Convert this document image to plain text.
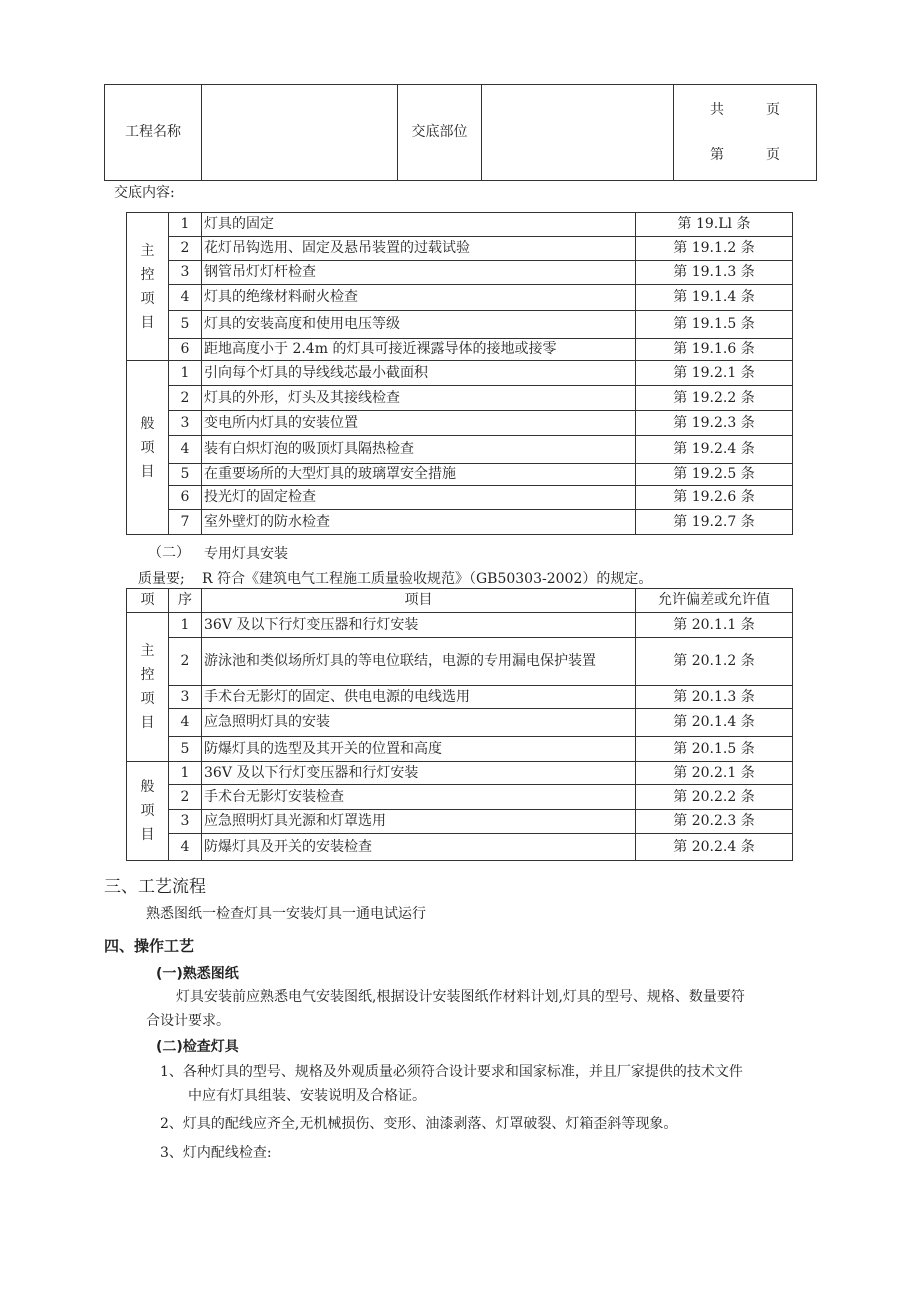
工程名称		交底部位		
共　　　页
第　　　页
交底内容:
主
控
项
目	1	灯具的固定	第 19.Ll 条
	2	花灯吊钩选用、固定及悬吊装置的过载试验	第 19.1.2 条
	3	钢管吊灯灯杆检查	第 19.1.3 条
	4	灯具的绝缘材料耐火检查	第 19.1.4 条
	5	灯具的安装高度和使用电压等级	第 19.1.5 条
	6	距地高度小于 2.4m 的灯具可接近裸露导体的接地或接零	第 19.1.6 条

般
项
目	1	引向每个灯具的导线线芯最小截面积	第 19.2.1 条
	2	灯具的外形，灯头及其接线检查	第 19.2.2 条
	3	变电所内灯具的安装位置	第 19.2.3 条
	4	装有白炽灯泡的吸顶灯具隔热检查	第 19.2.4 条
	5	在重要场所的大型灯具的玻璃罩安全措施	第 19.2.5 条
	6	投光灯的固定检查	第 19.2.6 条
	7	室外壁灯的防水检查	第 19.2.7 条
（二） 专用灯具安装
质量要; R 符合《建筑电气工程施工质量验收规范》（GB50303-2002）的规定。
项	序	项目	允许偏差或允许值

主
控
项
目	1	36V 及以下行灯变压器和行灯安装	第 20.1.1 条
	2	游泳池和类似场所灯具的等电位联结，电源的专用漏电保护装置	第 20.1.2 条
	3	手术台无影灯的固定、供电电源的电线选用	第 20.1.3 条
	4	应急照明灯具的安装	第 20.1.4 条
	5	防爆灯具的选型及其开关的位置和高度	第 20.1.5 条

般
项
目	1	36V 及以下行灯变压器和行灯安装	第 20.2.1 条
	2	手术台无影灯安装检查	第 20.2.2 条
	3	应急照明灯具光源和灯罩选用	第 20.2.3 条
	4	防爆灯具及开关的安装检查	第 20.2.4 条
三、工艺流程
熟悉图纸一检查灯具一安装灯具一通电试运行
四、操作工艺
(一)熟悉图纸
灯具安装前应熟悉电气安装图纸,根据设计安装图纸作材料计划,灯具的型号、规格、数量要符
合设计要求。
(二)检查灯具
1、各种灯具的型号、规格及外观质量必须符合设计要求和国家标准，并且厂家提供的技术文件
中应有灯具组装、安装说明及合格证。
2、灯具的配线应齐全,无机械损伤、变形、油漆剥落、灯罩破裂、灯箱歪斜等现象。
3、灯内配线检查:
